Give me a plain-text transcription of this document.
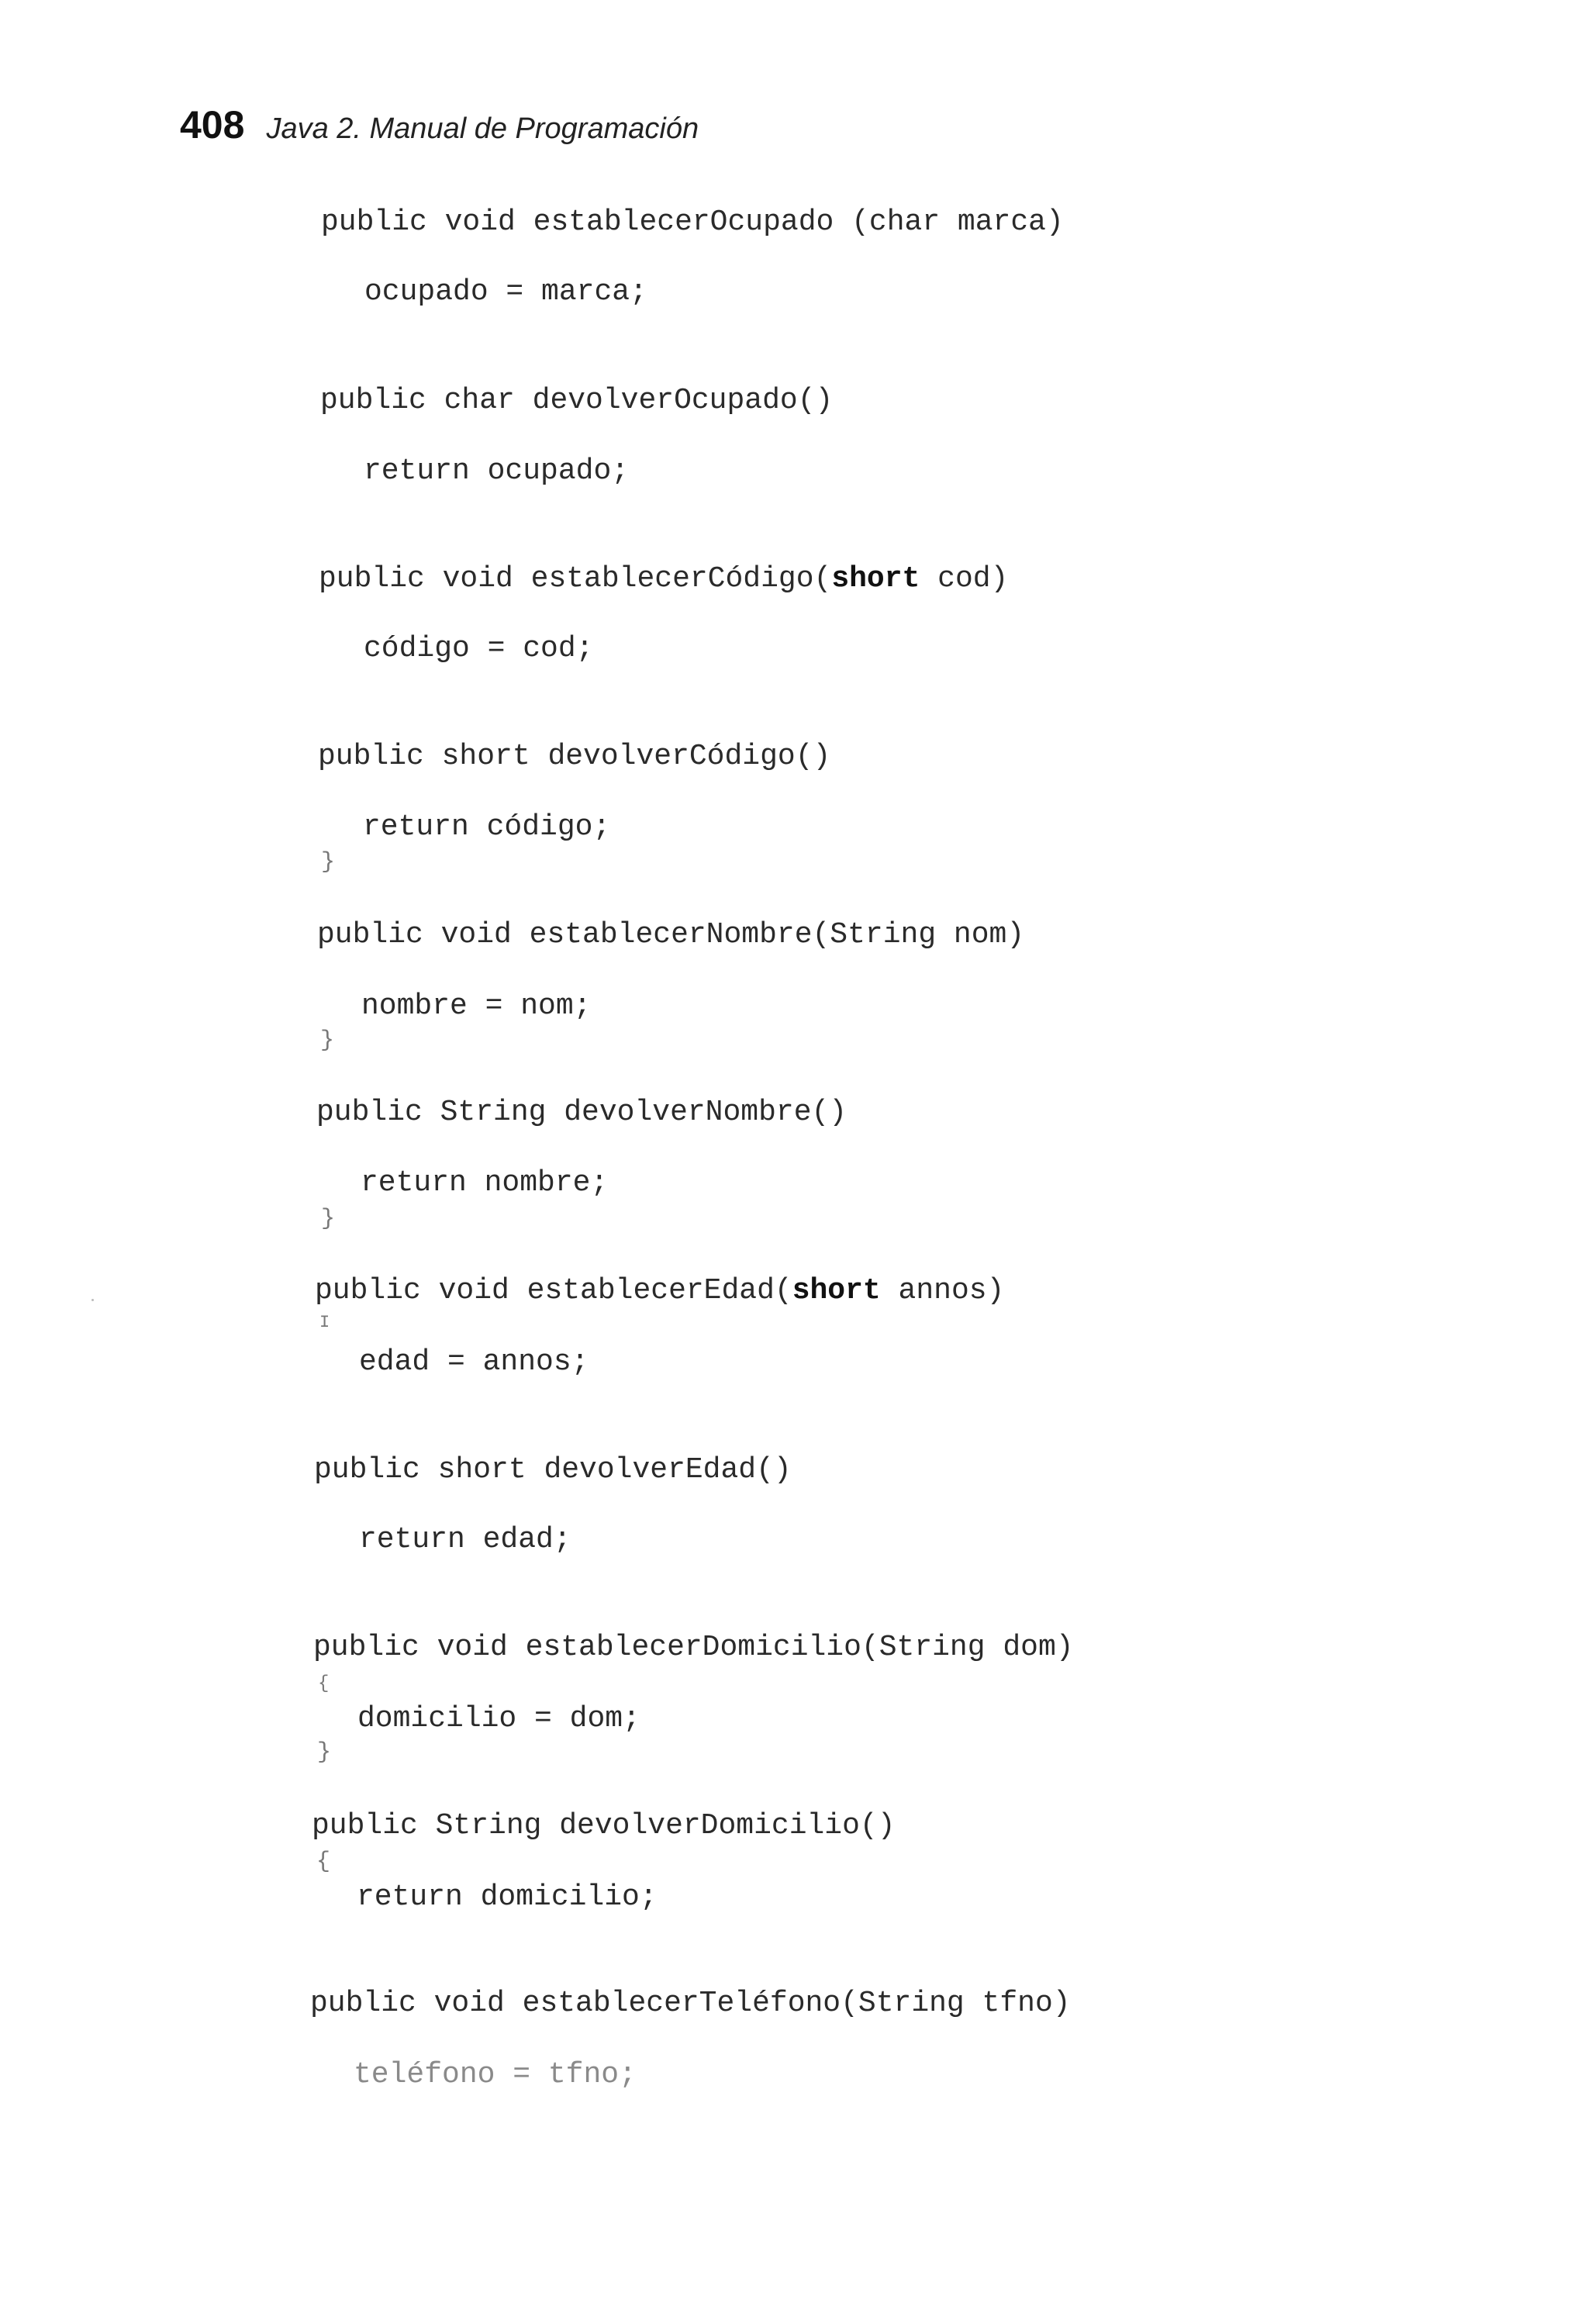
408 Java 2. Manual de Programación
public void establecerOcupado (char marca)
ocupado = marca;
public char devolverOcupado()
return ocupado;
public void establecerCódigo(short cod)
código = cod;
public short devolverCódigo()
return código;
}
public void establecerNombre(String nom)
nombre = nom;
}
public String devolverNombre()
return nombre;
}
public void establecerEdad(short annos)
I
edad = annos;
public short devolverEdad()
return edad;
public void establecerDomicilio(String dom)
{
domicilio = dom;
}
public String devolverDomicilio()
{
return domicilio;
public void establecerTeléfono(String tfno)
teléfono = tfno;
